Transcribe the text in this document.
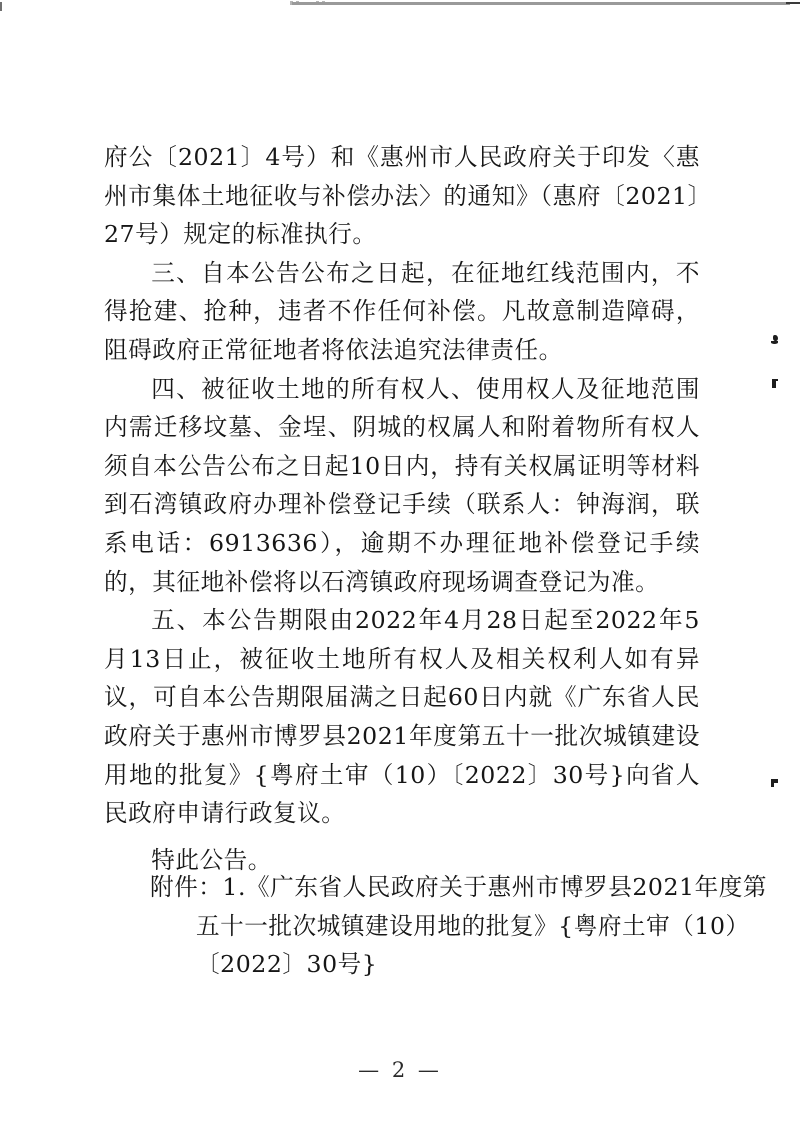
府公〔2021〕4号）和《惠州市人民政府关于印发〈惠州市集体土地征收与补偿办法〉的通知》（惠府〔2021〕27号）规定的标准执行。

三、自本公告公布之日起，在征地红线范围内，不得抢建、抢种，违者不作任何补偿。凡故意制造障碍，阻碍政府正常征地者将依法追究法律责任。

四、被征收土地的所有权人、使用权人及征地范围内需迁移坟墓、金埕、阴城的权属人和附着物所有权人须自本公告公布之日起10日内，持有关权属证明等材料到石湾镇政府办理补偿登记手续（联系人：钟海润，联系电话：6913636），逾期不办理征地补偿登记手续的，其征地补偿将以石湾镇政府现场调查登记为准。

五、本公告期限由2022年4月28日起至2022年5月13日止，被征收土地所有权人及相关权利人如有异议，可自本公告期限届满之日起60日内就《广东省人民政府关于惠州市博罗县2021年度第五十一批次城镇建设用地的批复》{粤府土审（10）〔2022〕30号}向省人民政府申请行政复议。

特此公告。

附件：1.《广东省人民政府关于惠州市博罗县2021年度第
五十一批次城镇建设用地的批复》{粤府土审（10）
〔2022〕30号}
— 2 —
